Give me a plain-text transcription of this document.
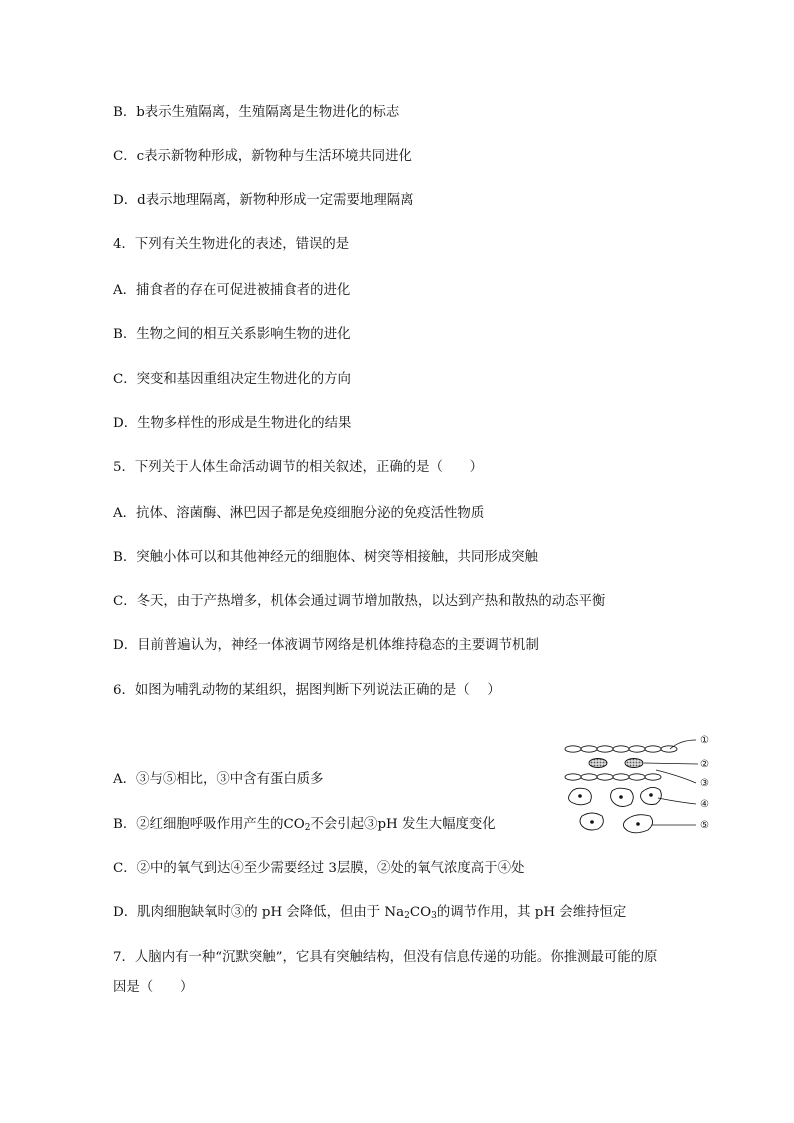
B．b表示生殖隔离，生殖隔离是生物进化的标志
C．c表示新物种形成，新物种与生活环境共同进化
D．d表示地理隔离，新物种形成一定需要地理隔离
4．下列有关生物进化的表述，错误的是
A．捕食者的存在可促进被捕食者的进化
B．生物之间的相互关系影响生物的进化
C．突变和基因重组决定生物进化的方向
D．生物多样性的形成是生物进化的结果
5．下列关于人体生命活动调节的相关叙述，正确的是（　　）
A．抗体、溶菌酶、淋巴因子都是免疫细胞分泌的免疫活性物质
B．突触小体可以和其他神经元的细胞体、树突等相接触，共同形成突触
C．冬天，由于产热增多，机体会通过调节增加散热，以达到产热和散热的动态平衡
D．目前普遍认为，神经一体液调节网络是机体维持稳态的主要调节机制
6．如图为哺乳动物的某组织，据图判断下列说法正确的是（　 ）
A．③与⑤相比，③中含有蛋白质多
B．②红细胞呼吸作用产生的$CO_2$不会引起③pH 发生大幅度变化
C．②中的氧气到达④至少需要经过 3层膜，②处的氧气浓度高于④处
D．肌肉细胞缺氧时③的 pH 会降低，但由于 $Na_2CO_3$的调节作用，其 pH 会维持恒定
①
②
③
④
⑤
7．人脑内有一种“沉默突触”，它具有突触结构，但没有信息传递的功能。你推测最可能的原
因是（　　）
